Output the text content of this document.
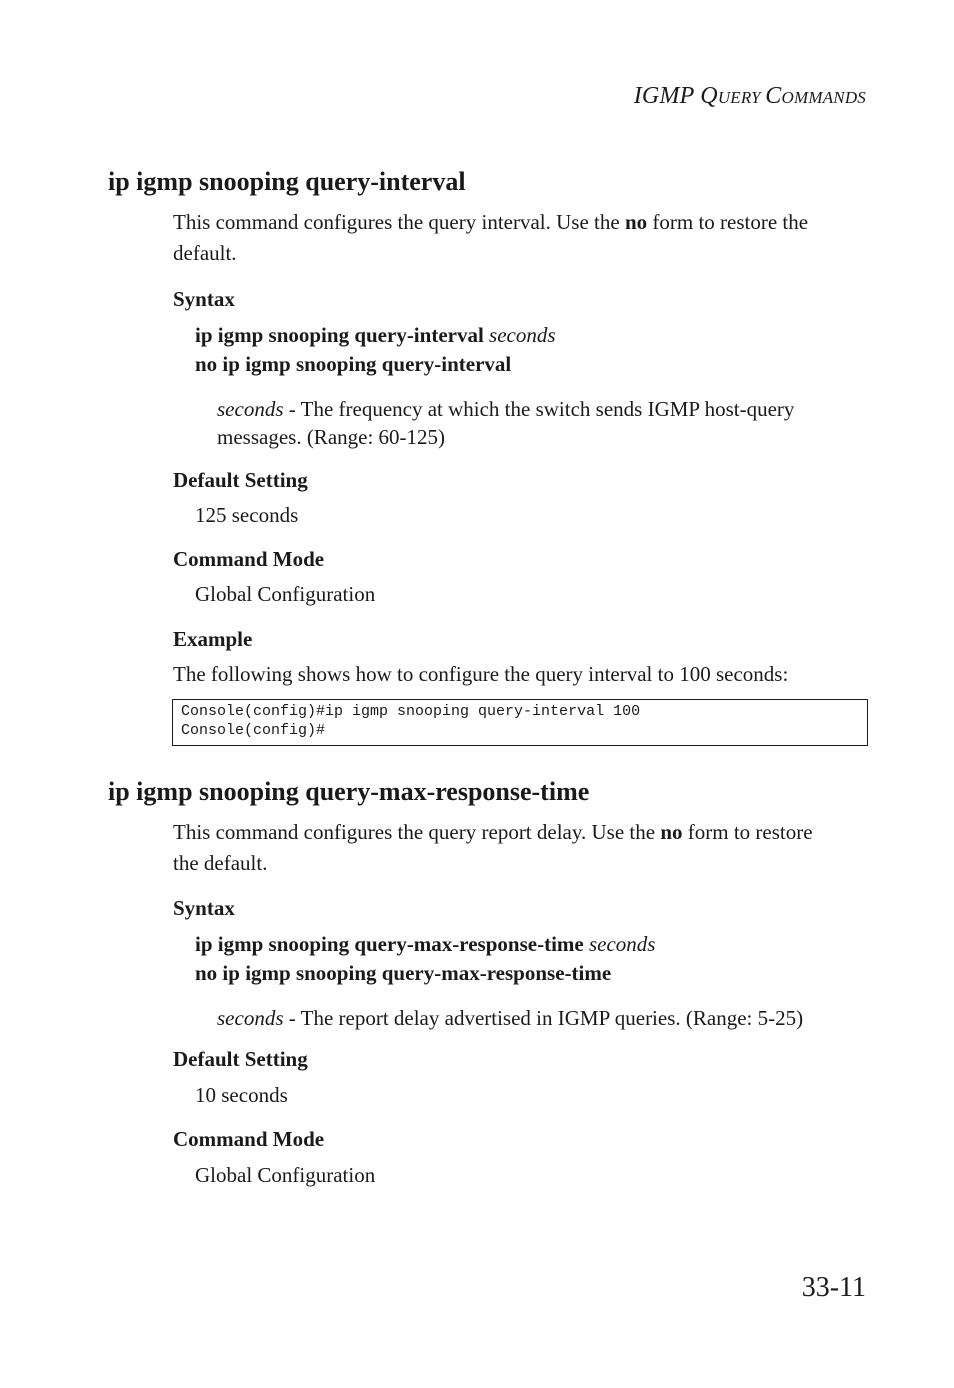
IGMP QUERY COMMANDS
ip igmp snooping query-interval
This command configures the query interval. Use the no form to restore the default.
Syntax
ip igmp snooping query-interval seconds
no ip igmp snooping query-interval
seconds - The frequency at which the switch sends IGMP host-query messages. (Range: 60-125)
Default Setting
125 seconds
Command Mode
Global Configuration
Example
The following shows how to configure the query interval to 100 seconds:
Console(config)#ip igmp snooping query-interval 100
Console(config)#
ip igmp snooping query-max-response-time
This command configures the query report delay. Use the no form to restore the default.
Syntax
ip igmp snooping query-max-response-time seconds
no ip igmp snooping query-max-response-time
seconds - The report delay advertised in IGMP queries. (Range: 5-25)
Default Setting
10 seconds
Command Mode
Global Configuration
33-11
